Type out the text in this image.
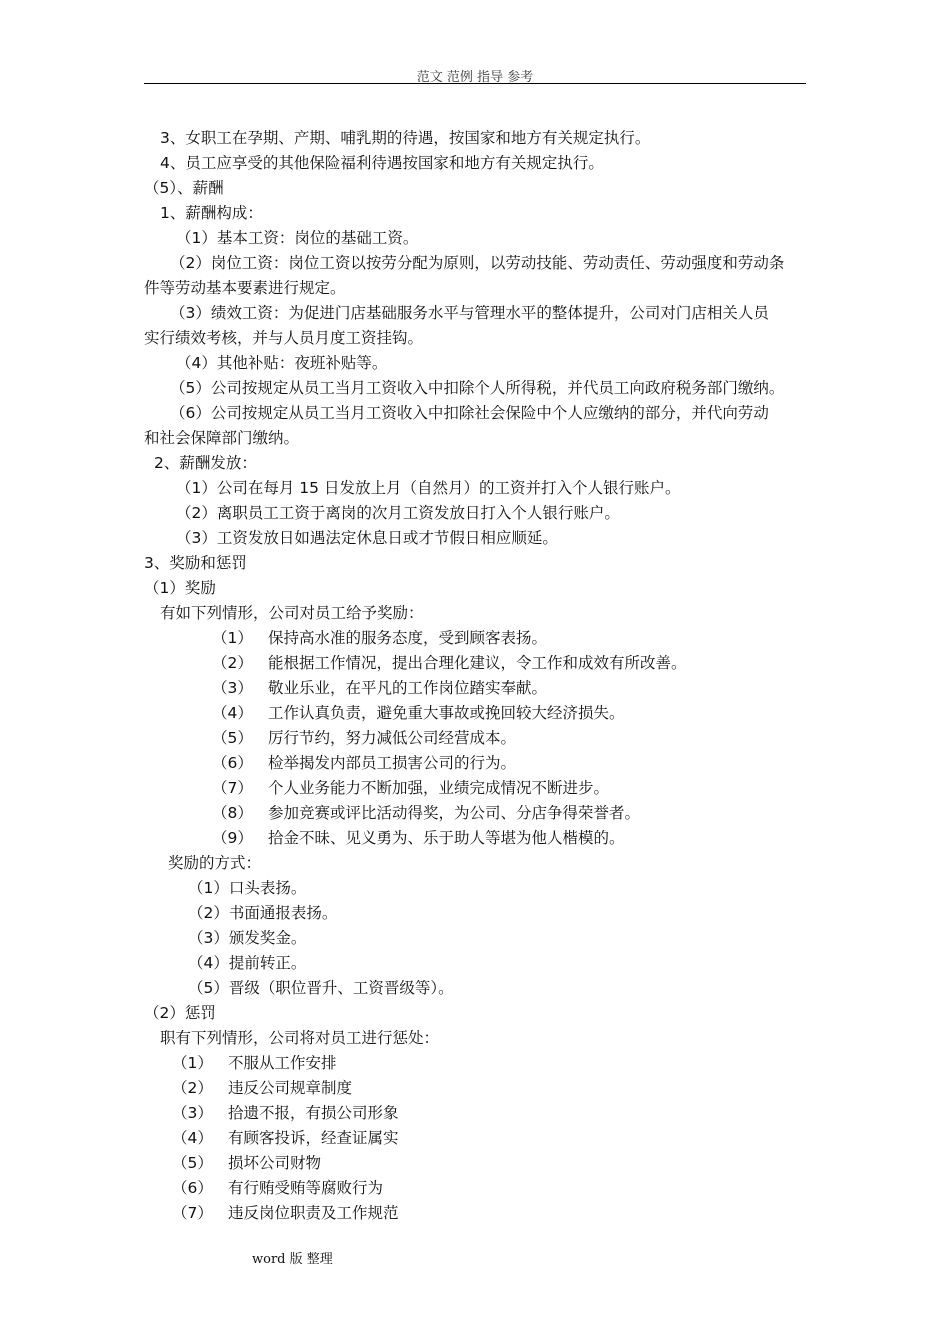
范文 范例 指导 参考
3、女职工在孕期、产期、哺乳期的待遇，按国家和地方有关规定执行。
4、员工应享受的其他保险福利待遇按国家和地方有关规定执行。
（5）、薪酬
1、薪酬构成：
（1）基本工资：岗位的基础工资。
（2）岗位工资：岗位工资以按劳分配为原则，以劳动技能、劳动责任、劳动强度和劳动条
件等劳动基本要素进行规定。
（3）绩效工资：为促进门店基础服务水平与管理水平的整体提升，公司对门店相关人员
实行绩效考核，并与人员月度工资挂钩。
（4）其他补贴：夜班补贴等。
（5）公司按规定从员工当月工资收入中扣除个人所得税，并代员工向政府税务部门缴纳。
（6）公司按规定从员工当月工资收入中扣除社会保险中个人应缴纳的部分，并代向劳动
和社会保障部门缴纳。
2、薪酬发放：
（1）公司在每月 15 日发放上月（自然月）的工资并打入个人银行账户。
（2）离职员工工资于离岗的次月工资发放日打入个人银行账户。
（3）工资发放日如遇法定休息日或才节假日相应顺延。
3、奖励和惩罚
（1）奖励
有如下列情形，公司对员工给予奖励：
（1） 保持高水准的服务态度，受到顾客表扬。
（2） 能根据工作情况，提出合理化建议，令工作和成效有所改善。
（3） 敬业乐业，在平凡的工作岗位踏实奉献。
（4） 工作认真负责，避免重大事故或挽回较大经济损失。
（5） 厉行节约，努力减低公司经营成本。
（6） 检举揭发内部员工损害公司的行为。
（7） 个人业务能力不断加强，业绩完成情况不断进步。
（8） 参加竞赛或评比活动得奖，为公司、分店争得荣誉者。
（9） 拾金不昧、见义勇为、乐于助人等堪为他人楷模的。
奖励的方式：
（1）口头表扬。
（2）书面通报表扬。
（3）颁发奖金。
（4）提前转正。
（5）晋级（职位晋升、工资晋级等）。
（2）惩罚
职有下列情形，公司将对员工进行惩处：
（1） 不服从工作安排
（2） 违反公司规章制度
（3） 拾遗不报，有损公司形象
（4） 有顾客投诉，经查证属实
（5） 损坏公司财物
（6） 有行贿受贿等腐败行为
（7） 违反岗位职责及工作规范
word 版 整理
